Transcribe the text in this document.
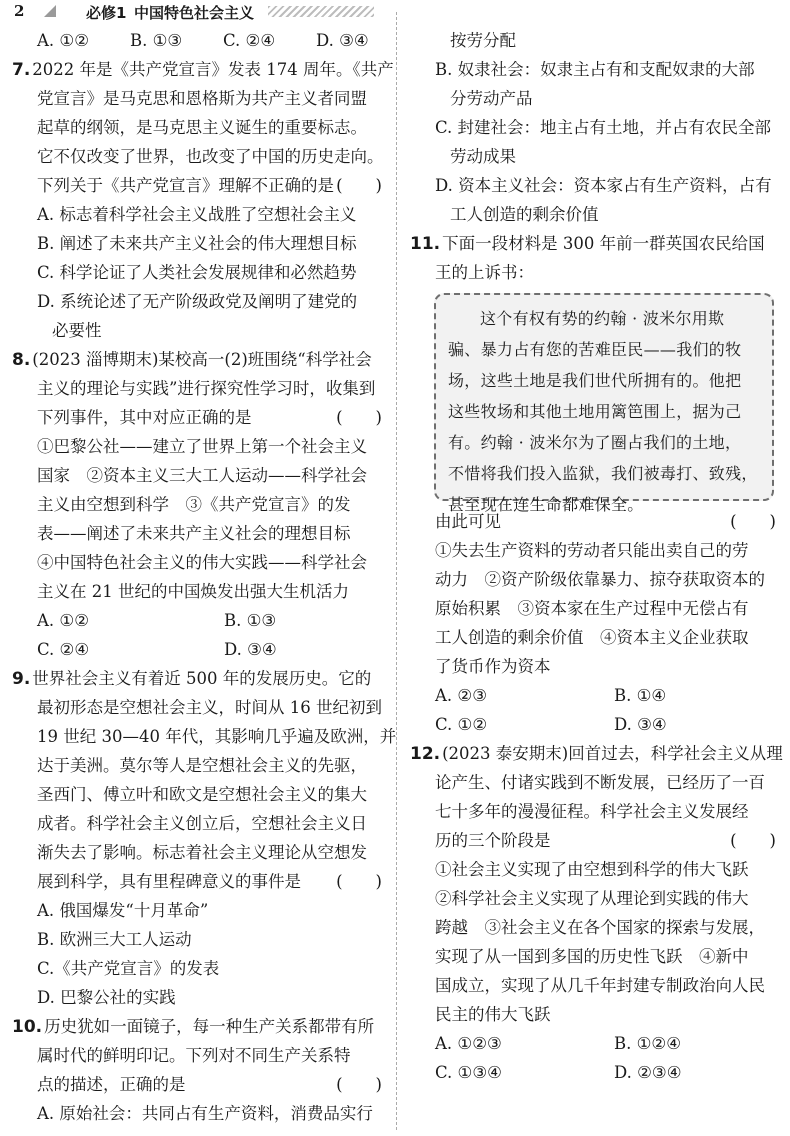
2	必修1 中国特色社会主义
A. ①② B. ①③ C. ②④ D. ③④
7. 2022 年是《共产党宣言》发表 174 周年。《共产
党宣言》是马克思和恩格斯为共产主义者同盟
起草的纲领，是马克思主义诞生的重要标志。
它不仅改变了世界，也改变了中国的历史走向。
下列关于《共产党宣言》理解不正确的是 (　　)
A. 标志着科学社会主义战胜了空想社会主义
B. 阐述了未来共产主义社会的伟大理想目标
C. 科学论证了人类社会发展规律和必然趋势
D. 系统论述了无产阶级政党及阐明了建党的
必要性
8. (2023 淄博期末)某校高一(2)班围绕“科学社会
主义的理论与实践”进行探究性学习时，收集到
下列事件，其中对应正确的是	(　　)
①巴黎公社——建立了世界上第一个社会主义
国家　②资本主义三大工人运动——科学社会
主义由空想到科学　③《共产党宣言》的发
表——阐述了未来共产主义社会的理想目标
④中国特色社会主义的伟大实践——科学社会
主义在 21 世纪的中国焕发出强大生机活力
A. ①②	B. ①③
C. ②④	D. ③④
9. 世界社会主义有着近 500 年的发展历史。它的
最初形态是空想社会主义，时间从 16 世纪初到
19 世纪 30—40 年代，其影响几乎遍及欧洲，并
达于美洲。莫尔等人是空想社会主义的先驱，
圣西门、傅立叶和欧文是空想社会主义的集大
成者。科学社会主义创立后，空想社会主义日
渐失去了影响。标志着社会主义理论从空想发
展到科学，具有里程碑意义的事件是 (　　)
A. 俄国爆发“十月革命”
B. 欧洲三大工人运动
C.《共产党宣言》的发表
D. 巴黎公社的实践
10. 历史犹如一面镜子，每一种生产关系都带有所
属时代的鲜明印记。下列对不同生产关系特
点的描述，正确的是	(　　)
A. 原始社会：共同占有生产资料，消费品实行
按劳分配
B. 奴隶社会：奴隶主占有和支配奴隶的大部
分劳动产品
C. 封建社会：地主占有土地，并占有农民全部
劳动成果
D. 资本主义社会：资本家占有生产资料，占有
工人创造的剩余价值
11. 下面一段材料是 300 年前一群英国农民给国
王的上诉书：
这个有权有势的约翰 · 波米尔用欺
骗、暴力占有您的苦难臣民——我们的牧
场，这些土地是我们世代所拥有的。他把
这些牧场和其他土地用篱笆围上，据为己
有。约翰 · 波米尔为了圈占我们的土地，
不惜将我们投入监狱，我们被毒打、致残，
甚至现在连生命都难保全。
由此可见	(　　)
①失去生产资料的劳动者只能出卖自己的劳
动力　②资产阶级依靠暴力、掠夺获取资本的
原始积累　③资本家在生产过程中无偿占有
工人创造的剩余价值　④资本主义企业获取
了货币作为资本
A. ②③	B. ①④
C. ①②	D. ③④
12. (2023 泰安期末)回首过去，科学社会主义从理
论产生、付诸实践到不断发展，已经历了一百
七十多年的漫漫征程。科学社会主义发展经
历的三个阶段是	(　　)
①社会主义实现了由空想到科学的伟大飞跃
②科学社会主义实现了从理论到实践的伟大
跨越　③社会主义在各个国家的探索与发展，
实现了从一国到多国的历史性飞跃　④新中
国成立，实现了从几千年封建专制政治向人民
民主的伟大飞跃
A. ①②③	B. ①②④
C. ①③④	D. ②③④
